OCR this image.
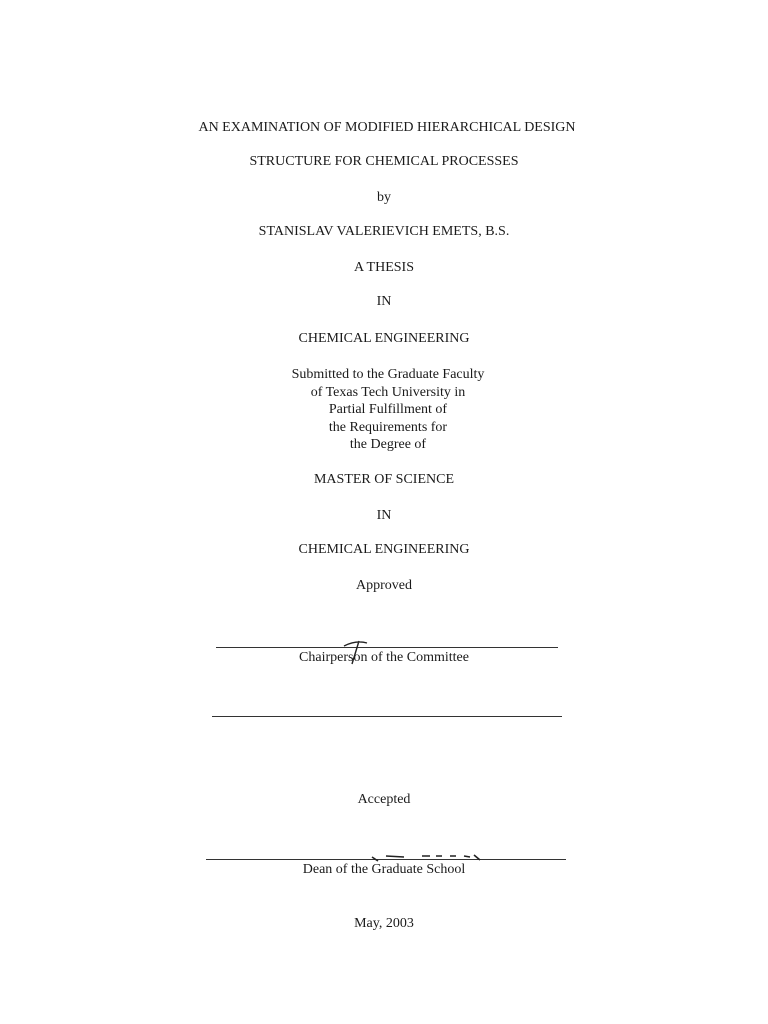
AN EXAMINATION OF MODIFIED HIERARCHICAL DESIGN
STRUCTURE FOR CHEMICAL PROCESSES
by
STANISLAV VALERIEVICH EMETS, B.S.
A THESIS
IN
CHEMICAL ENGINEERING
Submitted to the Graduate Faculty
of Texas Tech University in
Partial Fulfillment of
the Requirements for
the Degree of
MASTER OF SCIENCE
IN
CHEMICAL ENGINEERING
Approved
Chairperson of the Committee
Accepted
Dean of the Graduate School
May, 2003
